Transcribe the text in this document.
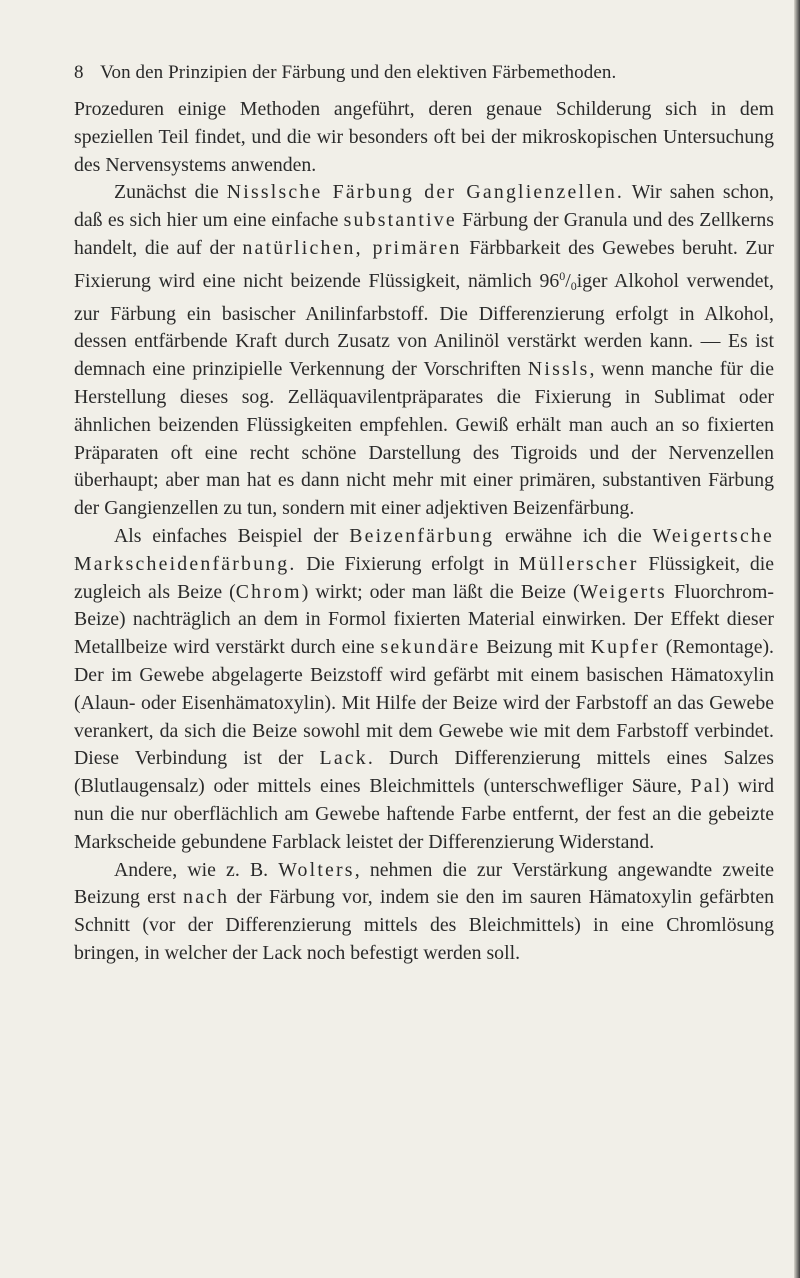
8 Von den Prinzipien der Färbung und den elektiven Färbemethoden.

Prozeduren einige Methoden angeführt, deren genaue Schilderung sich in dem speziellen Teil findet, und die wir besonders oft bei der mikroskopischen Untersuchung des Nervensystems anwenden.

Zunächst die Nisslsche Färbung der Ganglienzellen. Wir sahen schon, daß es sich hier um eine einfache substantive Färbung der Granula und des Zellkerns handelt, die auf der natürlichen, primären Färbbarkeit des Gewebes beruht. Zur Fixierung wird eine nicht beizende Flüssigkeit, nämlich $96^0/_0iger$ Alkohol verwendet, zur Färbung ein basischer Anilinfarbstoff. Die Differenzierung erfolgt in Alkohol, dessen entfärbende Kraft durch Zusatz von Anilinöl verstärkt werden kann. — Es ist demnach eine prinzipielle Verkennung der Vorschriften Nissls, wenn manche für die Herstellung dieses sog. Zelläquavilentpräparates die Fixierung in Sublimat oder ähnlichen beizenden Flüssigkeiten empfehlen. Gewiß erhält man auch an so fixierten Präparaten oft eine recht schöne Darstellung des Tigroids und der Nervenzellen überhaupt; aber man hat es dann nicht mehr mit einer primären, substantiven Färbung der Gangienzellen zu tun, sondern mit einer adjektiven Beizenfärbung.

Als einfaches Beispiel der Beizenfärbung erwähne ich die Weigertsche Markscheidenfärbung. Die Fixierung erfolgt in Müllerscher Flüssigkeit, die zugleich als Beize (Chrom) wirkt; oder man läßt die Beize (Weigerts Fluorchrom-Beize) nachträglich an dem in Formol fixierten Material einwirken. Der Effekt dieser Metallbeize wird verstärkt durch eine sekundäre Beizung mit Kupfer (Remontage). Der im Gewebe abgelagerte Beizstoff wird gefärbt mit einem basischen Hämatoxylin (Alaun- oder Eisenhämatoxylin). Mit Hilfe der Beize wird der Farbstoff an das Gewebe verankert, da sich die Beize sowohl mit dem Gewebe wie mit dem Farbstoff verbindet. Diese Verbindung ist der Lack. Durch Differenzierung mittels eines Salzes (Blutlaugensalz) oder mittels eines Bleichmittels (unterschwefliger Säure, Pal) wird nun die nur oberflächlich am Gewebe haftende Farbe entfernt, der fest an die gebeizte Markscheide gebundene Farblack leistet der Differenzierung Widerstand.

Andere, wie z. B. Wolters, nehmen die zur Verstärkung angewandte zweite Beizung erst nach der Färbung vor, indem sie den im sauren Hämatoxylin gefärbten Schnitt (vor der Differenzierung mittels des Bleichmittels) in eine Chromlösung bringen, in welcher der Lack noch befestigt werden soll.
